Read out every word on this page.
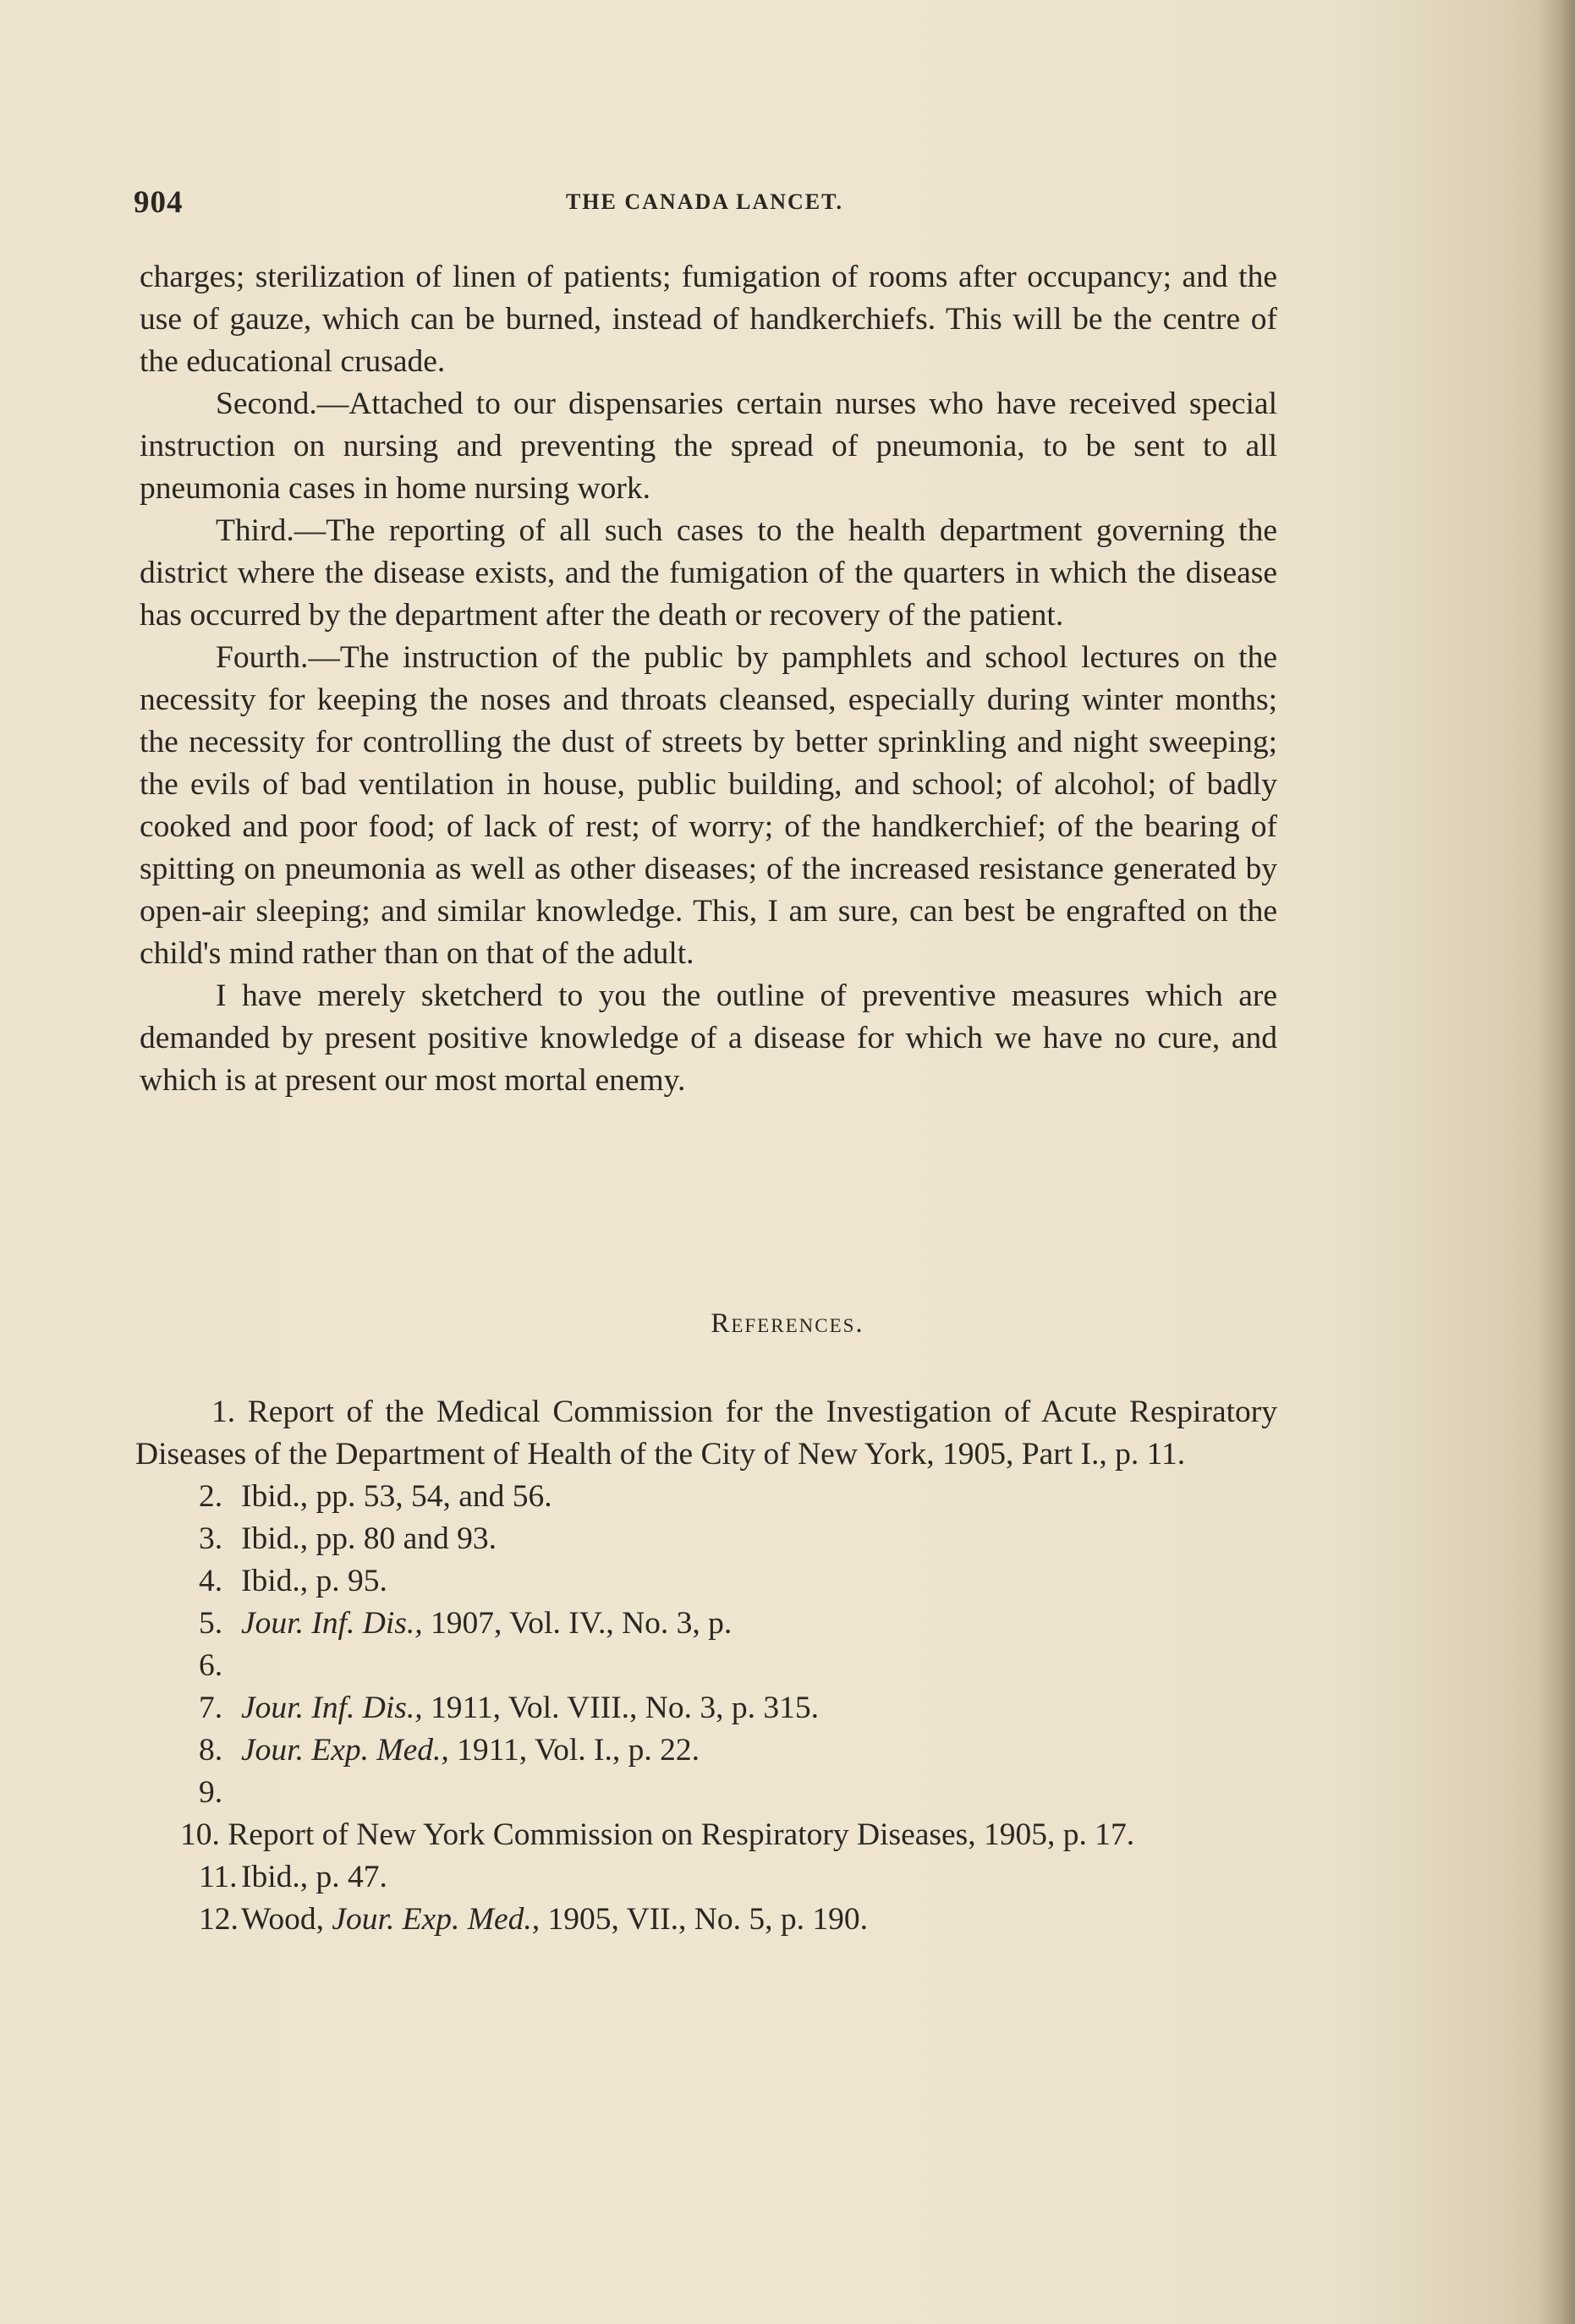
904	THE CANADA LANCET.

charges; sterilization of linen of patients; fumigation of rooms after occupancy; and the use of gauze, which can be burned, instead of handkerchiefs. This will be the centre of the educational crusade.

Second.—Attached to our dispensaries certain nurses who have received special instruction on nursing and preventing the spread of pneumonia, to be sent to all pneumonia cases in home nursing work.

Third.—The reporting of all such cases to the health department governing the district where the disease exists, and the fumigation of the quarters in which the disease has occurred by the department after the death or recovery of the patient.

Fourth.—The instruction of the public by pamphlets and school lectures on the necessity for keeping the noses and throats cleansed, especially during winter months; the necessity for controlling the dust of streets by better sprinkling and night sweeping; the evils of bad ventilation in house, public building, and school; of alcohol; of badly cooked and poor food; of lack of rest; of worry; of the handkerchief; of the bearing of spitting on pneumonia as well as other diseases; of the increased resistance generated by open-air sleeping; and similar knowledge. This, I am sure, can best be engrafted on the child's mind rather than on that of the adult.

I have merely sketcherd to you the outline of preventive measures which are demanded by present positive knowledge of a disease for which we have no cure, and which is at present our most mortal enemy.

References.
1. Report of the Medical Commission for the Investigation of Acute Respiratory Diseases of the Department of Health of the City of New York, 1905, Part I., p. 11.
2. Ibid., pp. 53, 54, and 56.
3. Ibid., pp. 80 and 93.
4. Ibid., p. 95.
5. Jour. Inf. Dis., 1907, Vol. IV., No. 3, p.
6.
7. Jour. Inf. Dis., 1911, Vol. VIII., No. 3, p. 315.
8. Jour. Exp. Med., 1911, Vol. I., p. 22.
9.
10. Report of New York Commission on Respiratory Diseases, 1905, p. 17.
11. Ibid., p. 47.
12.Wood, Jour. Exp. Med., 1905, VII., No. 5, p. 190.
